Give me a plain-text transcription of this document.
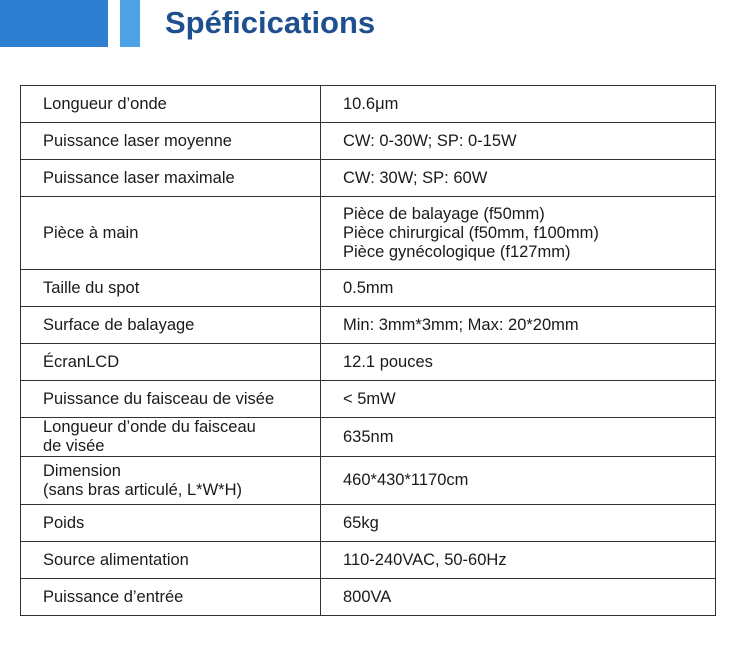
Spéficications
Longueur d’onde	10.6μm
Puissance laser moyenne	CW: 0-30W; SP: 0-15W
Puissance laser maximale	CW: 30W; SP: 60W
Pièce à main	Pièce de balayage (f50mm)
Pièce chirurgical (f50mm, f100mm)
Pièce gynécologique (f127mm)

Taille du spot	0.5mm
Surface de balayage	Min: 3mm*3mm; Max: 20*20mm
ÉcranLCD	12.1 pouces
Puissance du faisceau de visée	< 5mW

Longueur d’onde du faisceau
de visée	635nm

Dimension
(sans bras articulé, L*W*H)	460*430*1170cm
Poids	65kg
Source alimentation	110-240VAC, 50-60Hz
Puissance d’entrée	800VA
